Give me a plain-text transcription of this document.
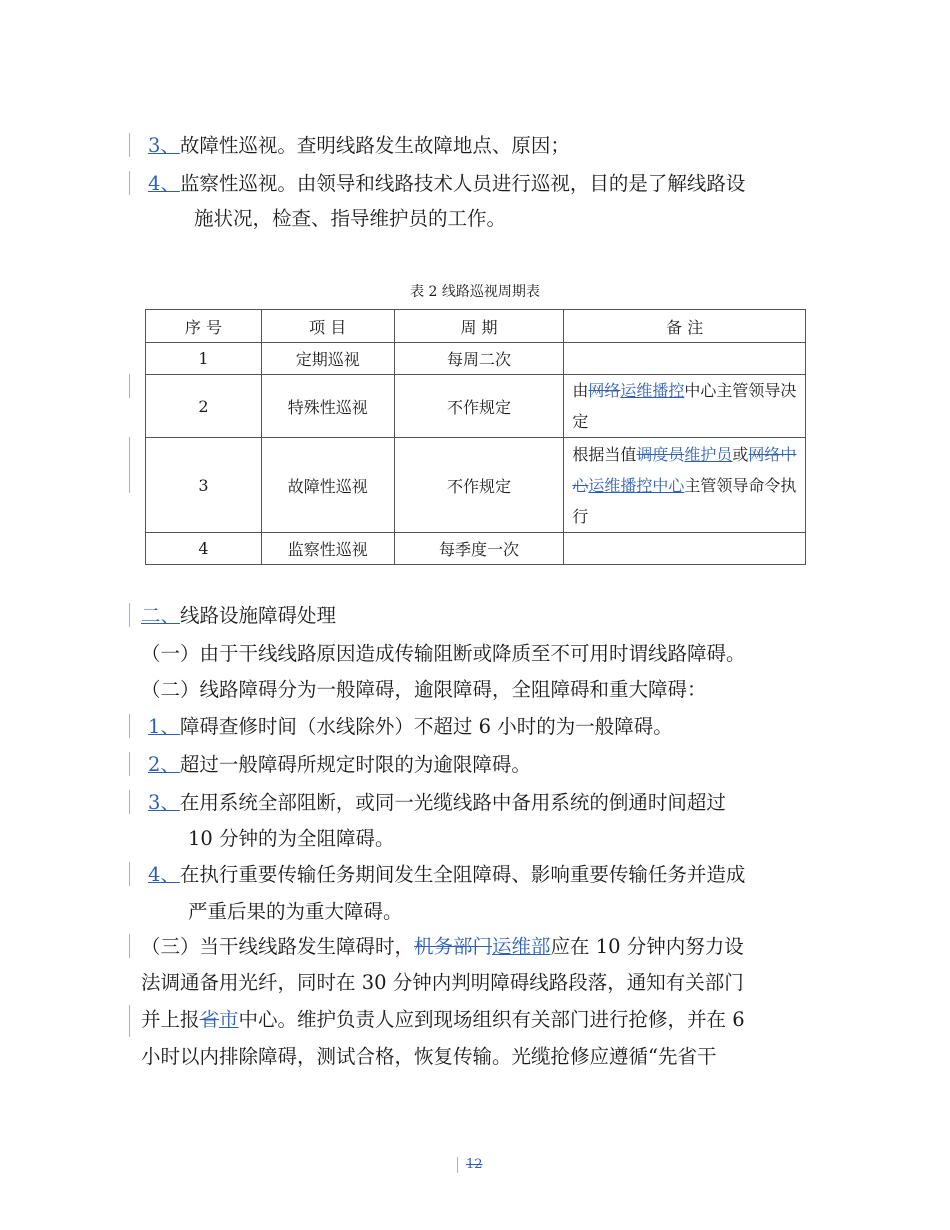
3、故障性巡视。查明线路发生故障地点、原因；
4、监察性巡视。由领导和线路技术人员进行巡视，目的是了解线路设
施状况，检查、指导维护员的工作。
表 2 线路巡视周期表
序 号	项 目	周 期	备 注
1	定期巡视	每周二次	
2	特殊性巡视	不作规定	由网络运维播控中心主管领导决定
3	故障性巡视	不作规定	根据当值调度员维护员或网络中心运维播控中心主管领导命令执行
4	监察性巡视	每季度一次	
二、线路设施障碍处理
（一）由于干线线路原因造成传输阻断或降质至不可用时谓线路障碍。
（二）线路障碍分为一般障碍，逾限障碍，全阻障碍和重大障碍：
1、障碍查修时间（水线除外）不超过 6 小时的为一般障碍。
2、超过一般障碍所规定时限的为逾限障碍。
3、在用系统全部阻断，或同一光缆线路中备用系统的倒通时间超过
10 分钟的为全阻障碍。
4、在执行重要传输任务期间发生全阻障碍、影响重要传输任务并造成
严重后果的为重大障碍。
（三）当干线线路发生障碍时，机务部门运维部应在 10 分钟内努力设
法调通备用光纤，同时在 30 分钟内判明障碍线路段落，通知有关部门
并上报省市中心。维护负责人应到现场组织有关部门进行抢修，并在 6
小时以内排除障碍，测试合格，恢复传输。光缆抢修应遵循“先省干
12
